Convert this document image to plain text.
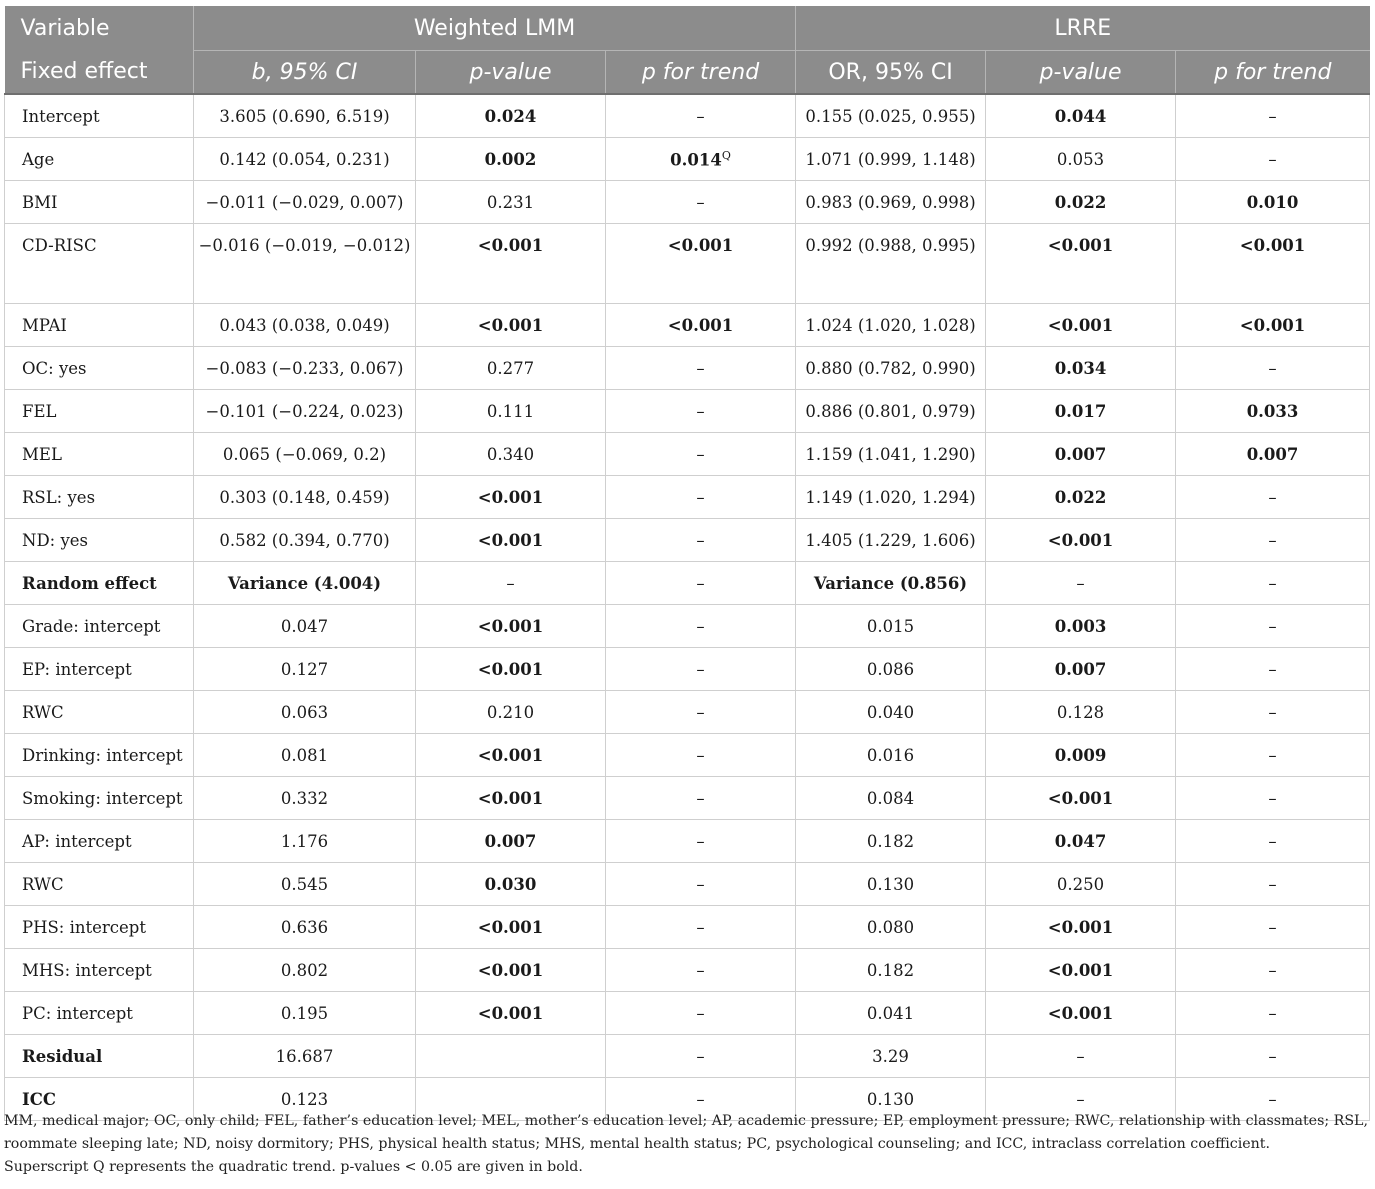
Variable	Weighted LMM			LRRE		
Fixed effect	b, 95% CI	p-value	p for trend	OR, 95% CI	p-value	p for trend
Intercept	3.605 (0.690, 6.519)	0.024	–	0.155 (0.025, 0.955)	0.044	–
Age	0.142 (0.054, 0.231)	0.002	$0.014^Q$	1.071 (0.999, 1.148)	0.053	–
BMI	−0.011 (−0.029, 0.007)	0.231	–	0.983 (0.969, 0.998)	0.022	0.010
CD-RISC	−0.016 (−0.019, −0.012)	<0.001	<0.001	0.992 (0.988, 0.995)	<0.001	<0.001
MPAI	0.043 (0.038, 0.049)	<0.001	<0.001	1.024 (1.020, 1.028)	<0.001	<0.001
OC: yes	−0.083 (−0.233, 0.067)	0.277	–	0.880 (0.782, 0.990)	0.034	–
FEL	−0.101 (−0.224, 0.023)	0.111	–	0.886 (0.801, 0.979)	0.017	0.033
MEL	0.065 (−0.069, 0.2)	0.340	–	1.159 (1.041, 1.290)	0.007	0.007
RSL: yes	0.303 (0.148, 0.459)	<0.001	–	1.149 (1.020, 1.294)	0.022	–
ND: yes	0.582 (0.394, 0.770)	<0.001	–	1.405 (1.229, 1.606)	<0.001	–
Random effect	Variance (4.004)	–	–	Variance (0.856)	–	–
Grade: intercept	0.047	<0.001	–	0.015	0.003	–
EP: intercept	0.127	<0.001	–	0.086	0.007	–
RWC	0.063	0.210	–	0.040	0.128	–
Drinking: intercept	0.081	<0.001	–	0.016	0.009	–
Smoking: intercept	0.332	<0.001	–	0.084	<0.001	–
AP: intercept	1.176	0.007	–	0.182	0.047	–
RWC	0.545	0.030	–	0.130	0.250	–
PHS: intercept	0.636	<0.001	–	0.080	<0.001	–
MHS: intercept	0.802	<0.001	–	0.182	<0.001	–
PC: intercept	0.195	<0.001	–	0.041	<0.001	–
Residual	16.687		–	3.29	–	–
ICC	0.123		–	0.130	–	–

MM, medical major; OC, only child; FEL, father’s education level; MEL, mother’s education level; AP, academic pressure; EP, employment pressure; RWC, relationship with classmates; RSL, roommate sleeping late; ND, noisy dormitory; PHS, physical health status; MHS, mental health status; PC, psychological counseling; and ICC, intraclass correlation coefficient.

Superscript Q represents the quadratic trend. p-values < 0.05 are given in bold.
